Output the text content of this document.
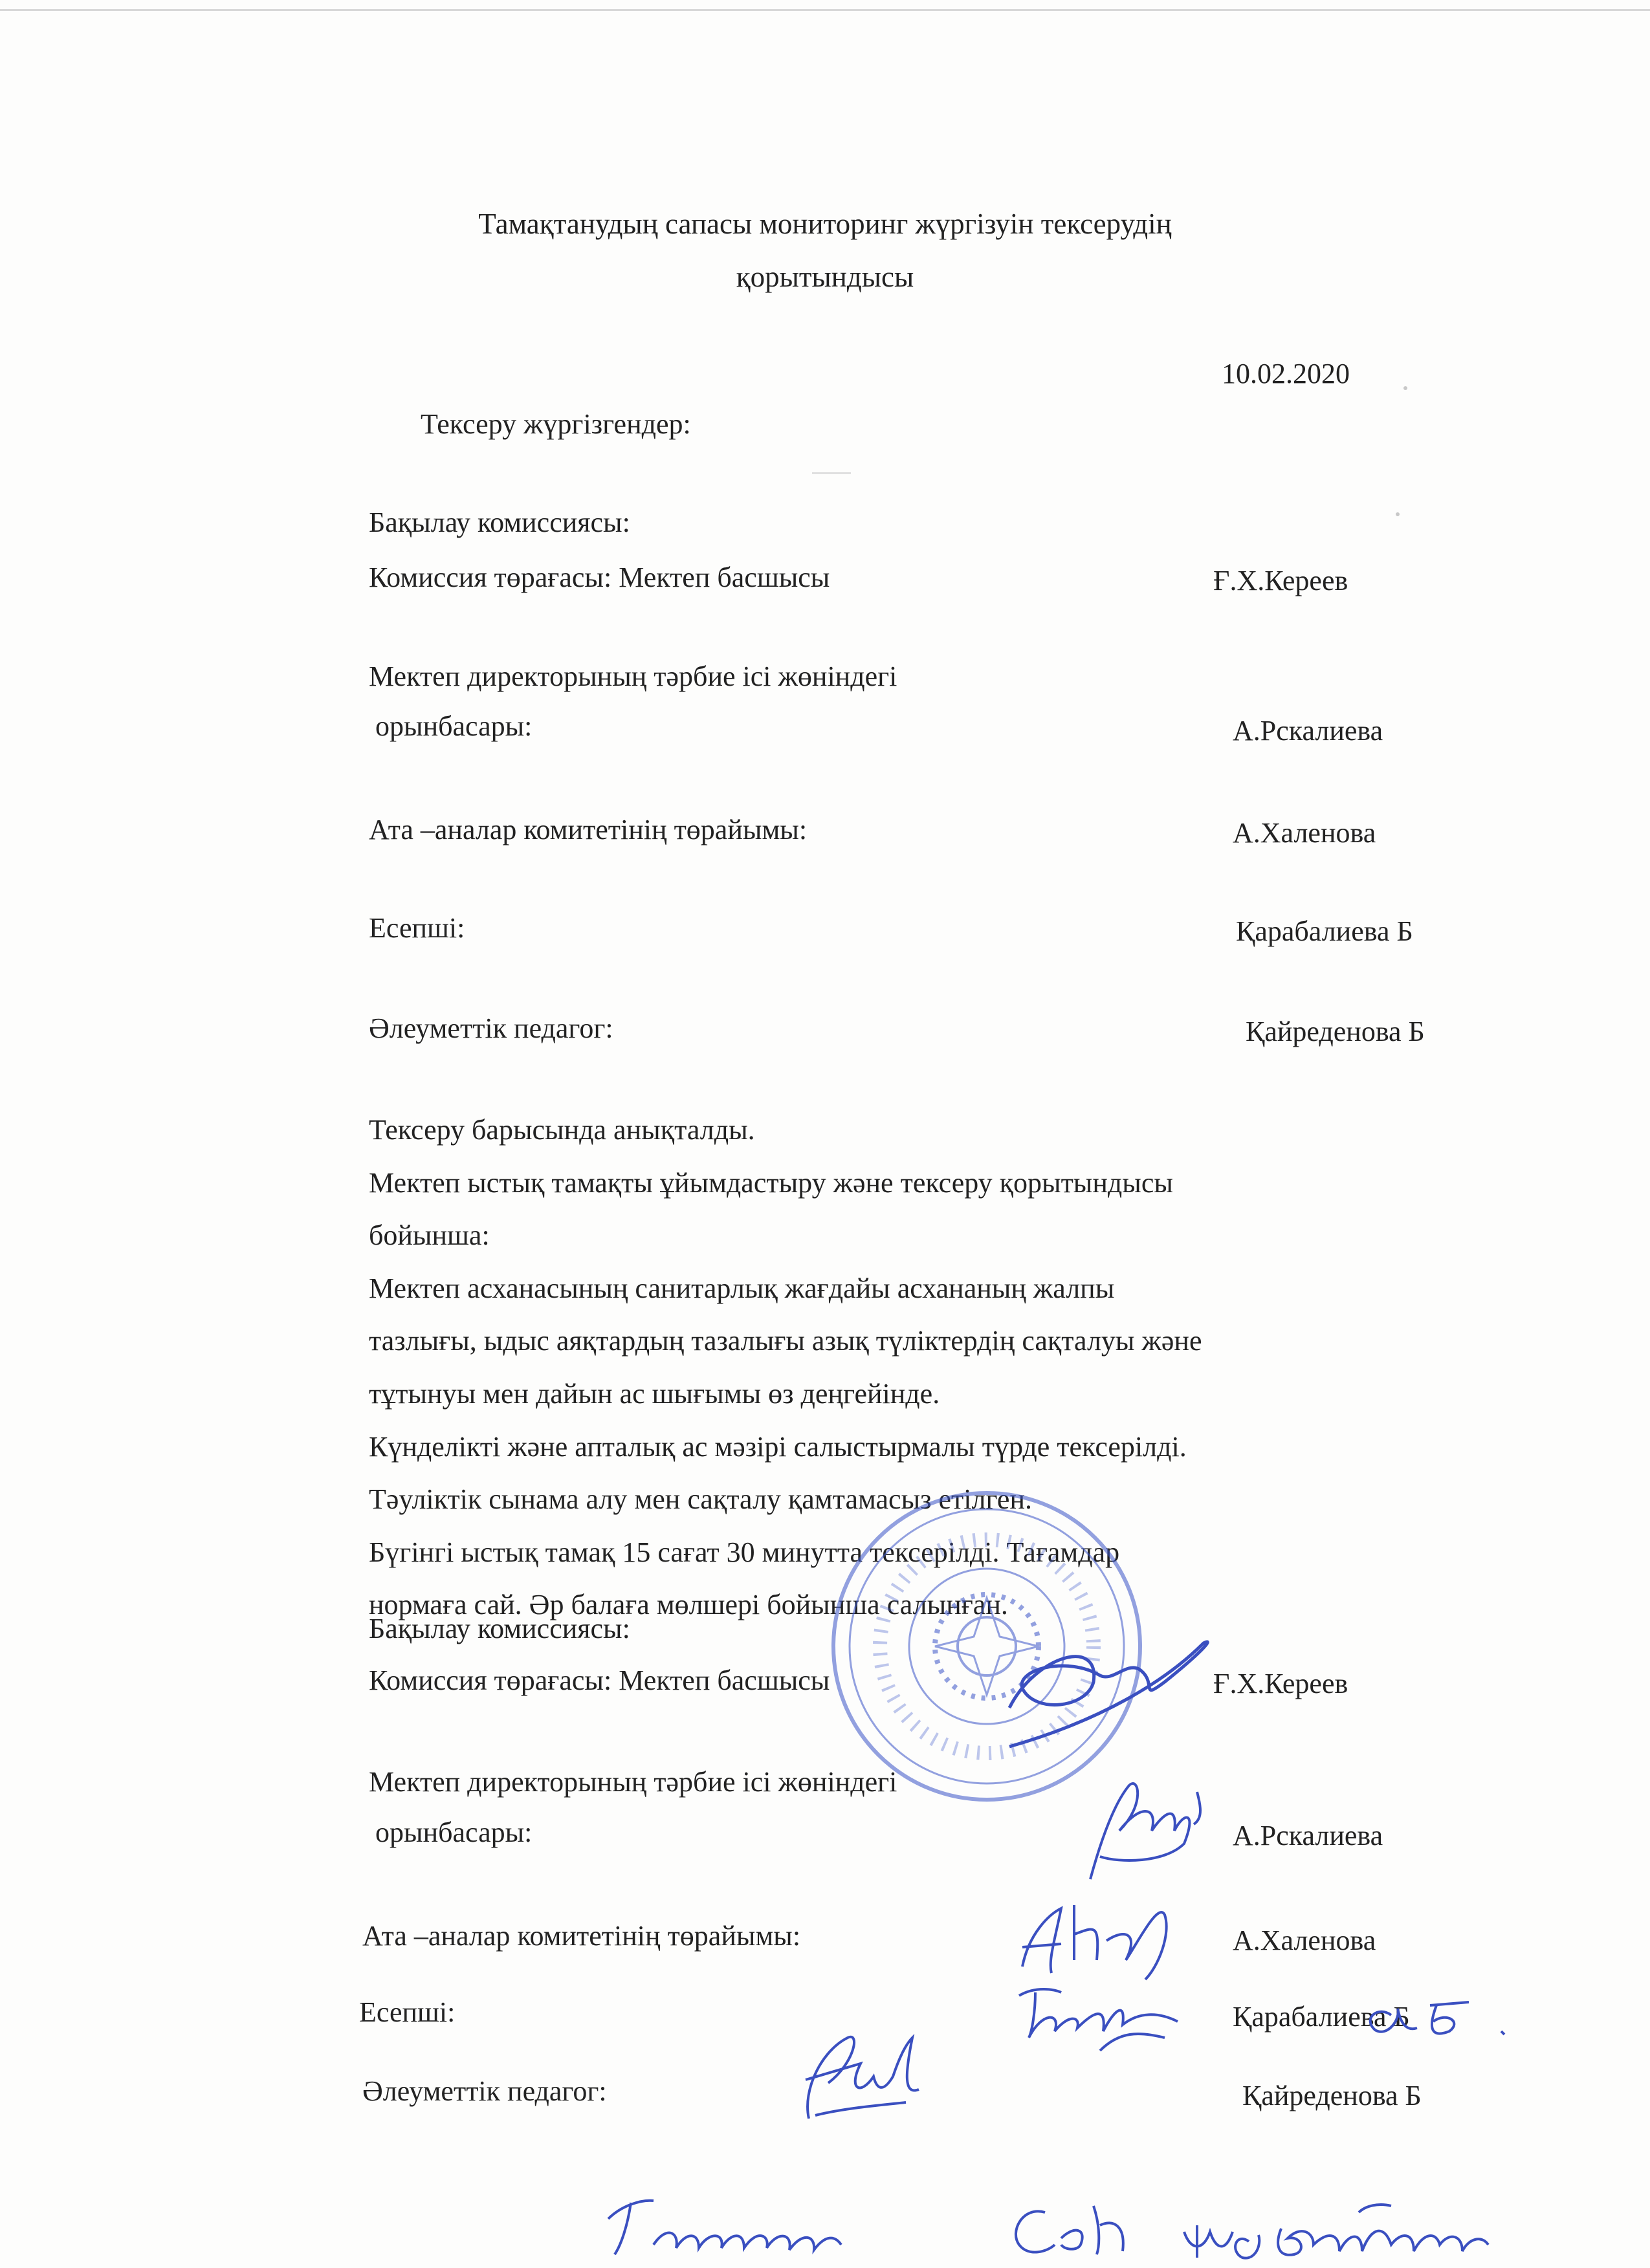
Тамақтанудың сапасы мониторинг жүргізуін тексерудің
қорытындысы
10.02.2020
Тексеру жүргізгендер:
Бақылау комиссиясы:
Комиссия төрағасы: Мектеп басшысы	Ғ.Х.Кереев
Мектеп директорының тәрбие ісі жөніндегі
орынбасары:	А.Рскалиева
Ата –аналар комитетінің төрайымы:	А.Халенова
Есепші:	Қарабалиева Б
Әлеуметтік педагог:	Қайреденова Б
Тексеру барысында анықталды.
Мектеп ыстық тамақты ұйымдастыру және тексеру қорытындысы
бойынша:
Мектеп асханасының санитарлық жағдайы асхананың жалпы
тазлығы, ыдыс аяқтардың тазалығы азық түліктердің сақталуы және
тұтынуы мен дайын ас шығымы өз деңгейінде.
Күнделікті және апталық ас мәзірі салыстырмалы түрде тексерілді.
Тәуліктік сынама алу мен сақталу қамтамасыз етілген.
Бүгінгі ыстық тамақ 15 сағат 30 минутта тексерілді. Тағамдар
нормаға сай. Әр балаға мөлшері бойынша салынған.
Бақылау комиссиясы:
Комиссия төрағасы: Мектеп басшысы	Ғ.Х.Кереев
Мектеп директорының тәрбие ісі жөніндегі
орынбасары:	А.Рскалиева
Ата –аналар комитетінің төрайымы:	А.Халенова
Есепші:	Қарабалиева Б
Әлеуметтік педагог:	Қайреденова Б
